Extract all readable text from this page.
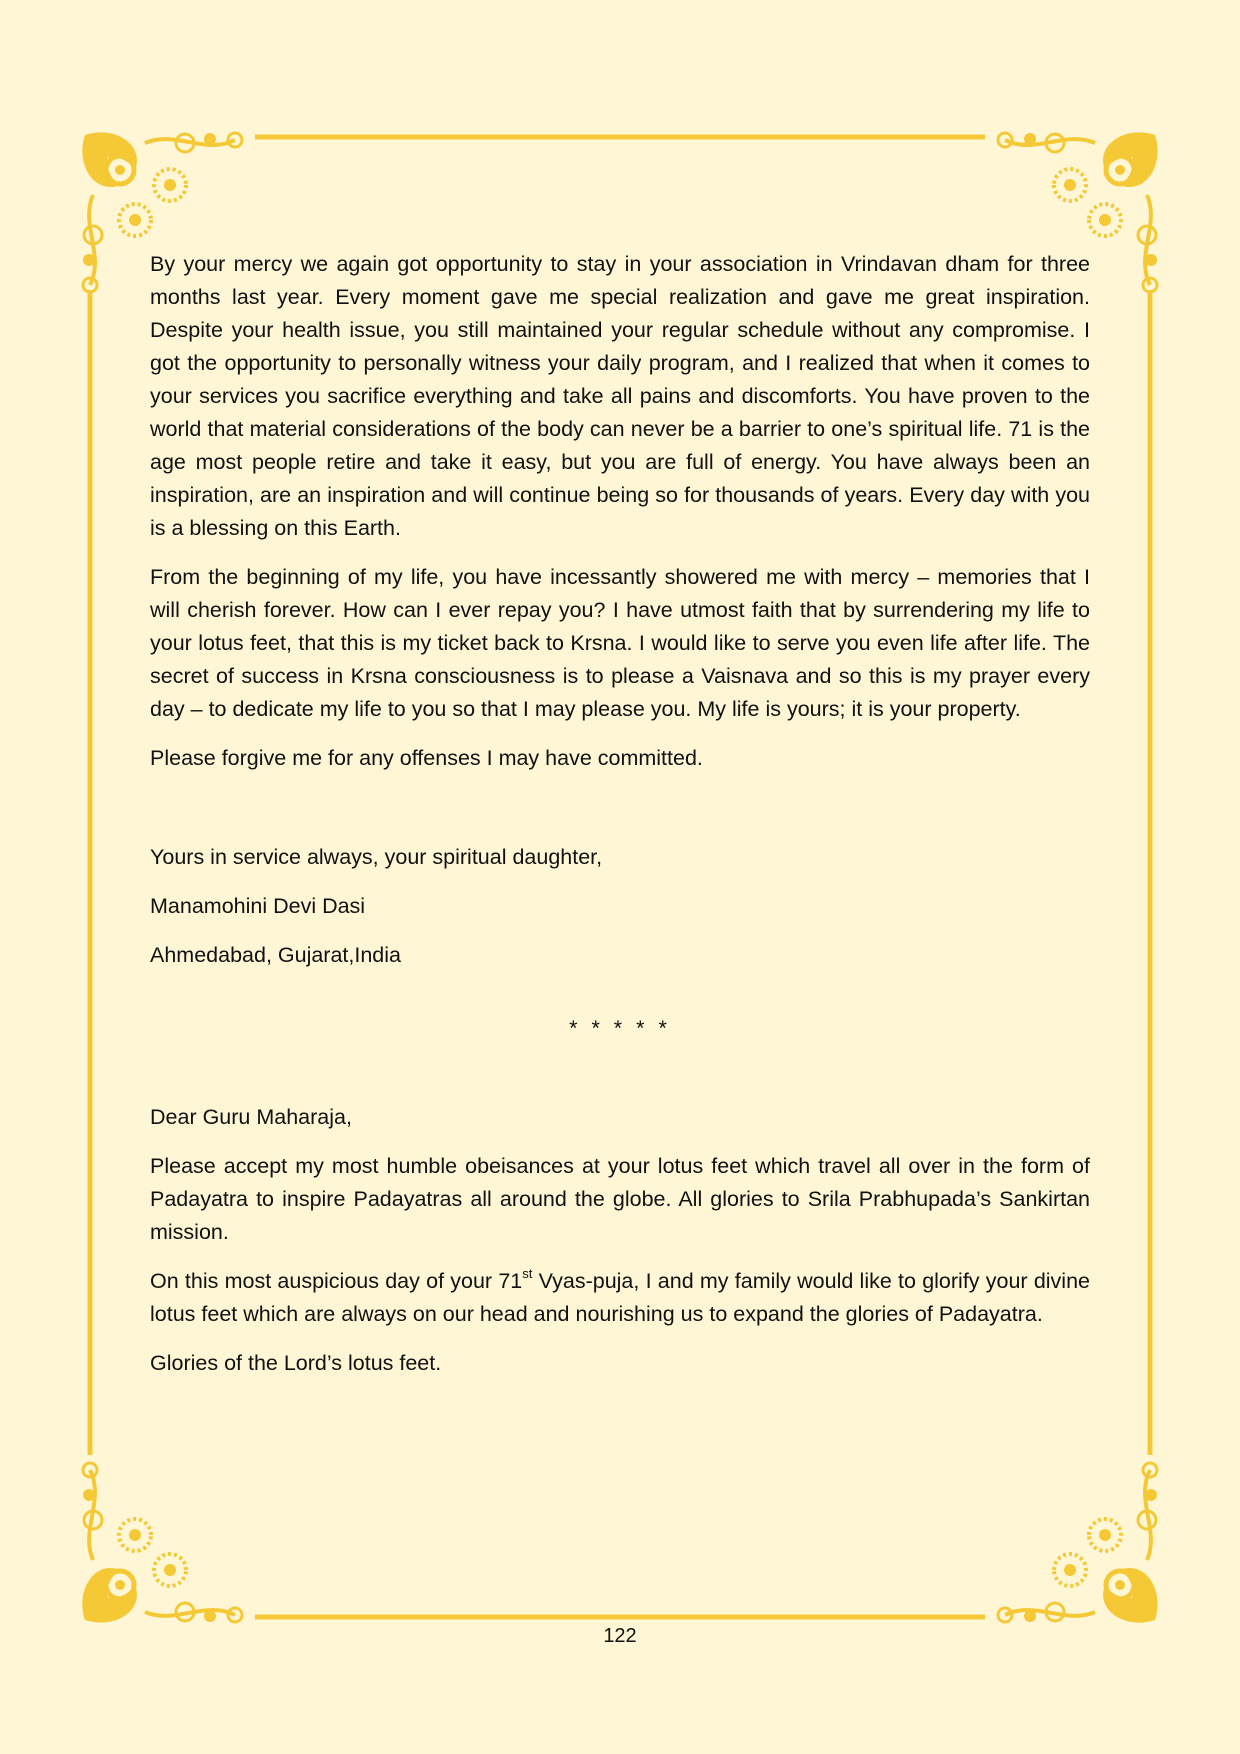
By your mercy we again got opportunity to stay in your association in Vrindavan dham for three months last year. Every moment gave me special realization and gave me great inspiration. Despite your health issue, you still maintained your regular schedule without any compromise. I got the opportunity to personally witness your daily program, and I realized that when it comes to your services you sacrifice everything and take all pains and discomforts. You have proven to the world that material considerations of the body can never be a barrier to one’s spiritual life. 71 is the age most people retire and take it easy, but you are full of energy. You have always been an inspiration, are an inspiration and will continue being so for thousands of years. Every day with you is a blessing on this Earth.

From the beginning of my life, you have incessantly showered me with mercy – memories that I will cherish forever. How can I ever repay you? I have utmost faith that by surrendering my life to your lotus feet, that this is my ticket back to Krsna. I would like to serve you even life after life. The secret of success in Krsna consciousness is to please a Vaisnava and so this is my prayer every day – to dedicate my life to you so that I may please you. My life is yours; it is your property.

Please forgive me for any offenses I may have committed.

Yours in service always, your spiritual daughter,

Manamohini Devi Dasi

Ahmedabad, Gujarat,India

* * * * *

Dear Guru Maharaja,

Please accept my most humble obeisances at your lotus feet which travel all over in the form of Padayatra to inspire Padayatras all around the globe. All glories to Srila Prabhupada’s Sankirtan mission.

On this most auspicious day of your 71st Vyas-puja, I and my family would like to glorify your divine lotus feet which are always on our head and nourishing us to expand the glories of Padayatra.

Glories of the Lord’s lotus feet.

122
